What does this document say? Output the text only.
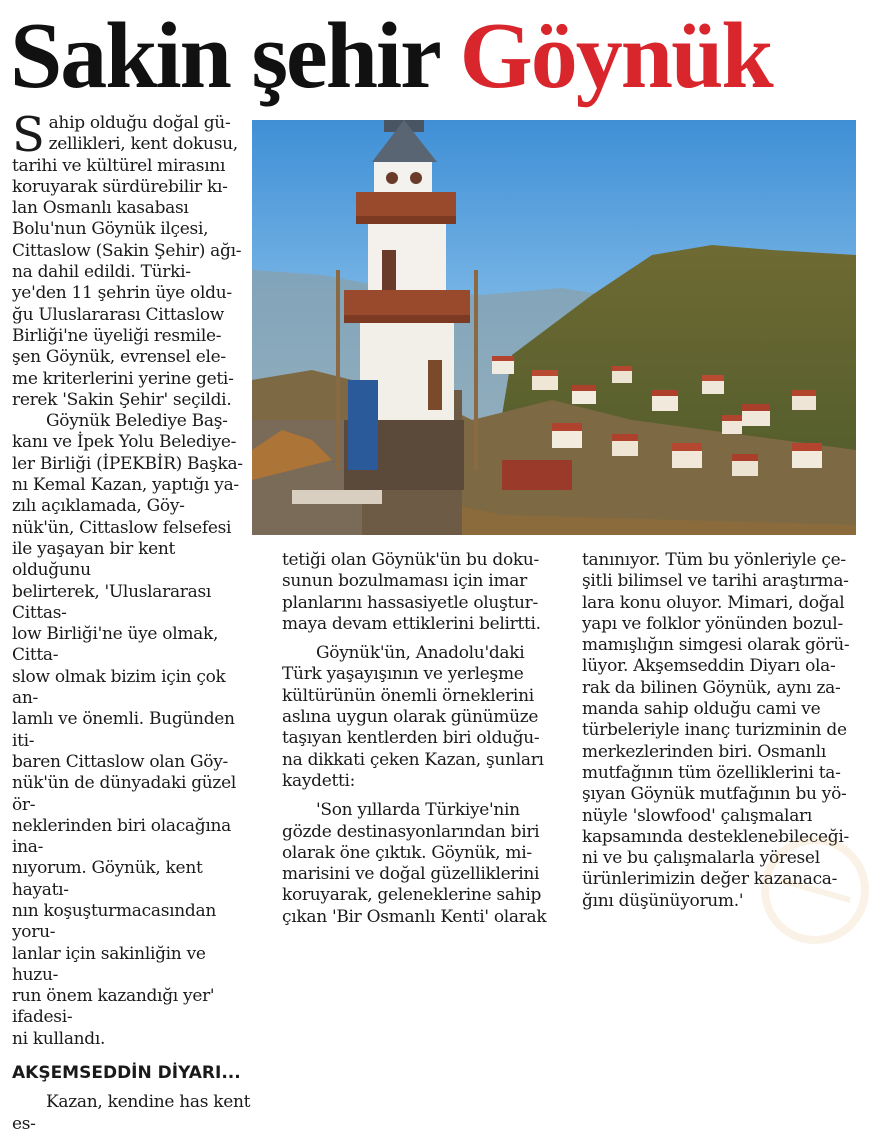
Sakin şehir Göynük

Sahip olduğu doğal gü-
zellikleri, kent dokusu,
tarihi ve kültürel mirasını
koruyarak sürdürebilir kı-
lan Osmanlı kasabası
Bolu'nun Göynük ilçesi,
Cittaslow (Sakin Şehir) ağı-
na dahil edildi. Türki-
ye'den 11 şehrin üye oldu-
ğu Uluslararası Cittaslow
Birliği'ne üyeliği resmile-
şen Göynük, evrensel ele-
me kriterlerini yerine geti-
rerek 'Sakin Şehir' seçildi.

Göynük Belediye Baş-
kanı ve İpek Yolu Belediye-
ler Birliği (İPEKBİR) Başka-
nı Kemal Kazan, yaptığı ya-
zılı açıklamada, Göy-
nük'ün, Cittaslow felsefesi
ile yaşayan bir kent olduğunu
belirterek, 'Uluslararası Cittas-
low Birliği'ne üye olmak, Citta-
slow olmak bizim için çok an-
lamlı ve önemli. Bugünden iti-
baren Cittaslow olan Göy-
nük'ün de dünyadaki güzel ör-
neklerinden biri olacağına ina-
nıyorum. Göynük, kent hayatı-
nın koşuşturmacasından yoru-
lanlar için sakinliğin ve huzu-
run önem kazandığı yer' ifadesi-
ni kullandı.

AKŞEMSEDDİN DİYARI...

Kazan, kendine has kent es-

tetiği olan Göynük'ün bu doku-
sunun bozulmaması için imar
planlarını hassasiyetle oluştur-
maya devam ettiklerini belirtti.

Göynük'ün, Anadolu'daki
Türk yaşayışının ve yerleşme
kültürünün önemli örneklerini
aslına uygun olarak günümüze
taşıyan kentlerden biri olduğu-
na dikkati çeken Kazan, şunları
kaydetti:

'Son yıllarda Türkiye'nin
gözde destinasyonlarından biri
olarak öne çıktık. Göynük, mi-
marisini ve doğal güzelliklerini
koruyarak, geleneklerine sahip
çıkan 'Bir Osmanlı Kenti' olarak

tanınıyor. Tüm bu yönleriyle çe-
şitli bilimsel ve tarihi araştırma-
lara konu oluyor. Mimari, doğal
yapı ve folklor yönünden bozul-
mamışlığın simgesi olarak görü-
lüyor. Akşemseddin Diyarı ola-
rak da bilinen Göynük, aynı za-
manda sahip olduğu cami ve
türbeleriyle inanç turizminin de
merkezlerinden biri. Osmanlı
mutfağının tüm özelliklerini ta-
şıyan Göynük mutfağının bu yö-
nüyle 'slowfood' çalışmaları
kapsamında desteklenebileceği-
ni ve bu çalışmalarla yöresel
ürünlerimizin değer kazanaca-
ğını düşünüyorum.'
